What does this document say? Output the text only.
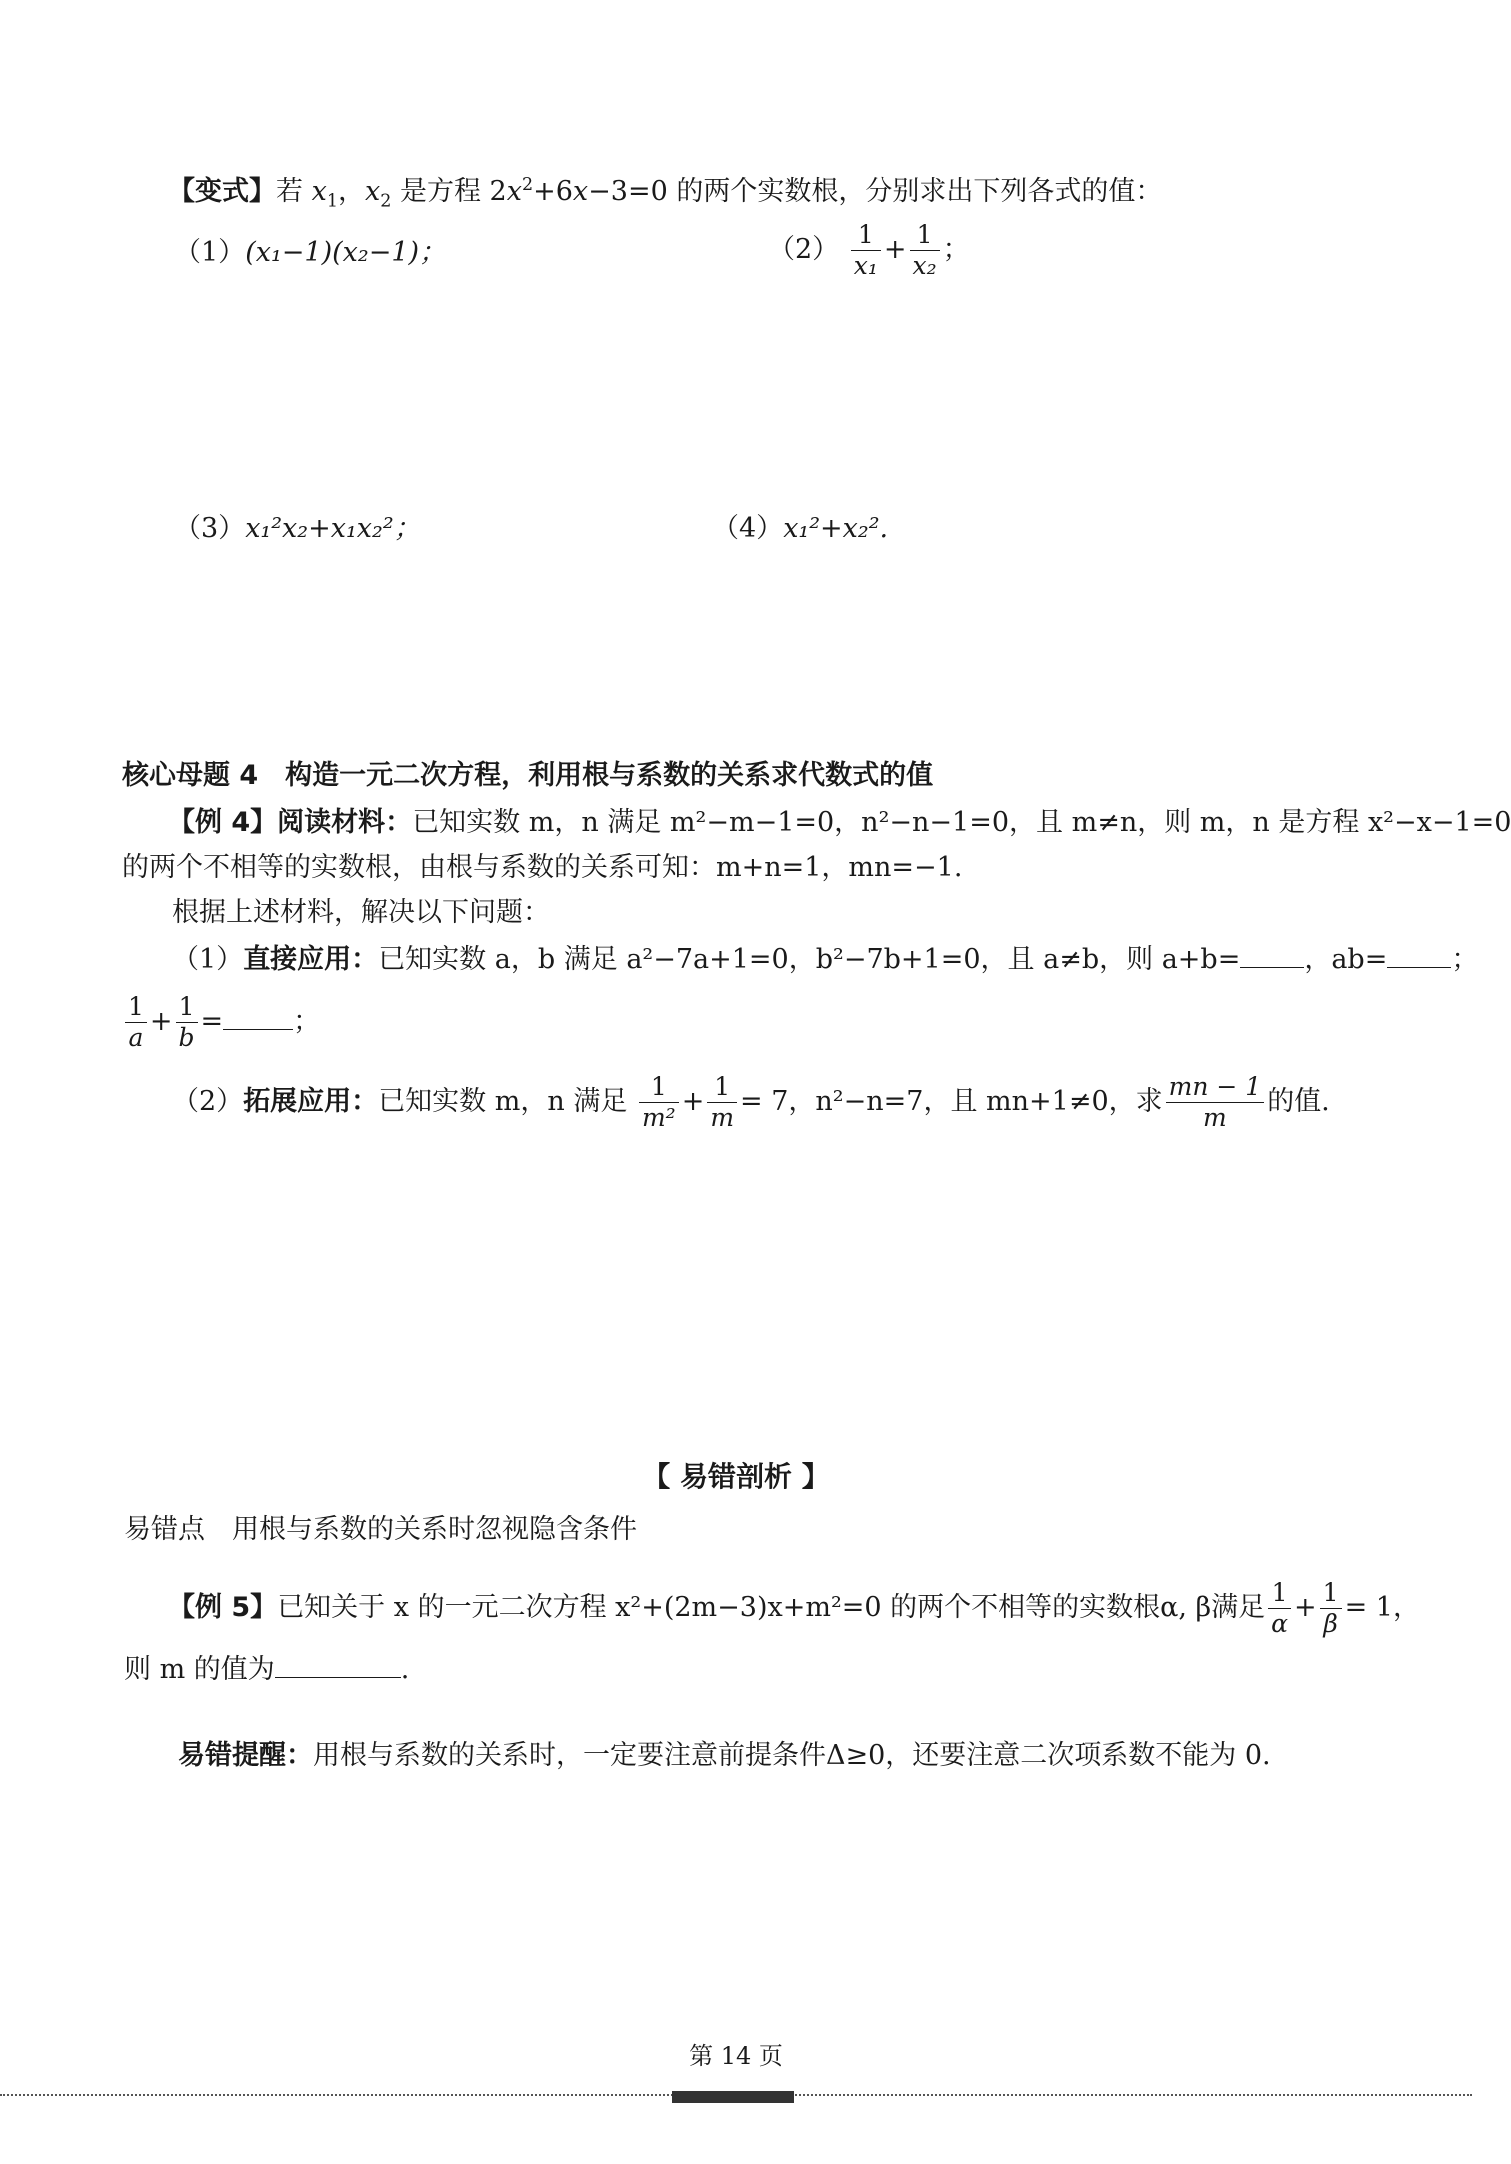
【变式】若 $x_1$，$x_2$ 是方程 $2x^2+6x-3=0$ 的两个实数根，分别求出下列各式的值：
（1）(x₁−1)(x₂−1)；	$(2) \frac{1}{\text{x₁}} + \frac{1}{\text{x₂}}$ ；
（3）x₁²x₂+x₁x₂²；	（4）x₁²+x₂².
核心母题 4　构造一元二次方程，利用根与系数的关系求代数式的值
【例 4】阅读材料：已知实数 m，n 满足 m²−m−1=0，n²−n−1=0，且 m≠n，则 m，n 是方程 x²−x−1=0
的两个不相等的实数根，由根与系数的关系可知：m+n=1，mn=−1.
根据上述材料，解决以下问题：
（1）直接应用：已知实数 a，b 满足 a²−7a+1=0，b²−7b+1=0，且 a≠b，则 a+b= ，ab= ；
$\frac{1}{a} + \frac{1}{b}$ =	；
（2）拓展应用：已知实数 m，n 满足 $\frac{1}{\text{m²}} + \frac{1}{m} = 7$，n²−n=7，且 mn+1≠0，求 $\frac{mn - 1}{m}$ 的值.
【 易错剖析 】
易错点　用根与系数的关系时忽视隐含条件
【例 5】已知关于 x 的一元二次方程 x²+(2m−3)x+m²=0 的两个不相等的实数根α, β满足 $\frac{1}{\alpha} + \frac{1}{\beta} = 1$，
则 m 的值为	.
易错提醒：用根与系数的关系时，一定要注意前提条件Δ≥0，还要注意二次项系数不能为 0.
第 14 页
